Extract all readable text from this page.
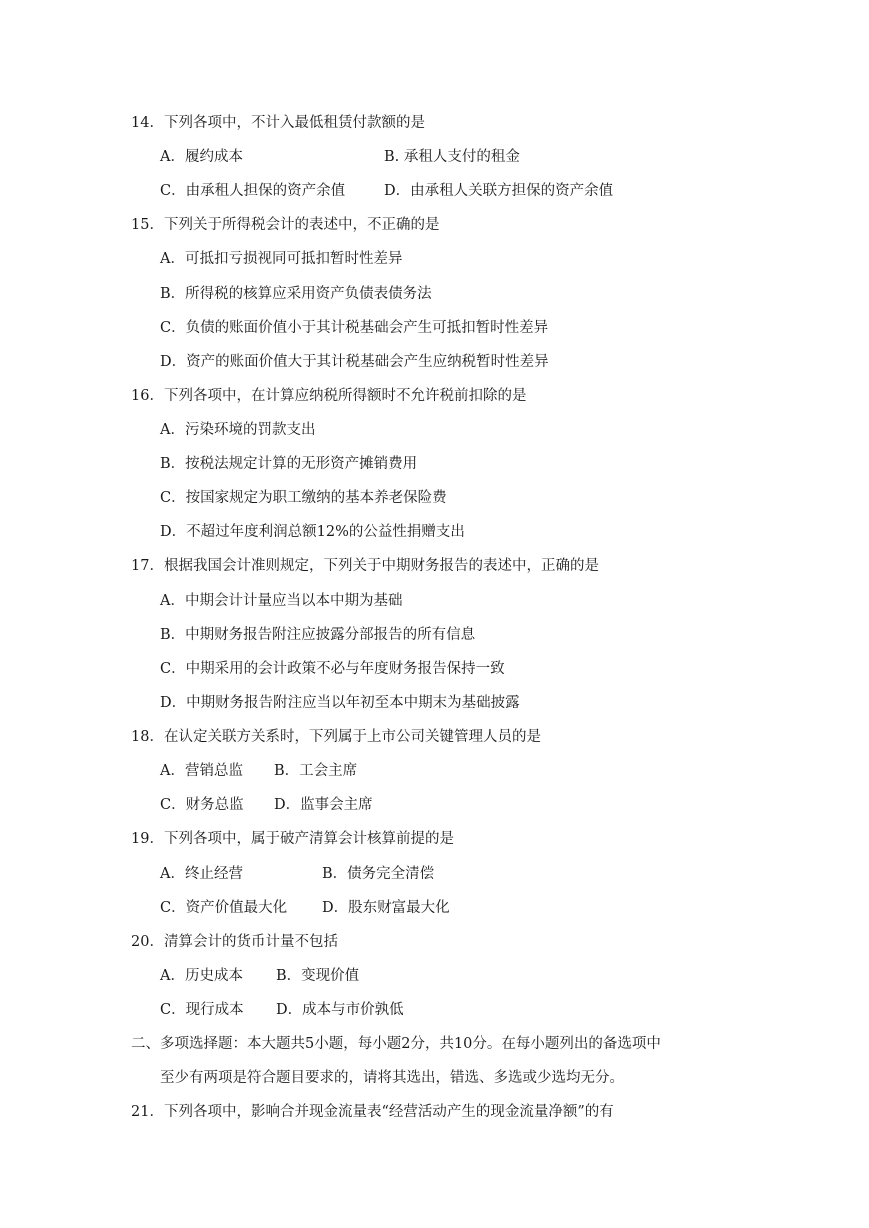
14．下列各项中，不计入最低租赁付款额的是
A．履约成本	B. 承租人支付的租金
C．由承租人担保的资产余值	D．由承租人关联方担保的资产余值
15．下列关于所得税会计的表述中，不正确的是
A．可抵扣亏损视同可抵扣暂时性差异
B．所得税的核算应采用资产负债表债务法
C．负债的账面价值小于其计税基础会产生可抵扣暂时性差异
D．资产的账面价值大于其计税基础会产生应纳税暂时性差异
16．下列各项中，在计算应纳税所得额时不允许税前扣除的是
A．污染环境的罚款支出
B．按税法规定计算的无形资产摊销费用
C．按国家规定为职工缴纳的基本养老保险费
D．不超过年度利润总额12%的公益性捐赠支出
17．根据我国会计准则规定，下列关于中期财务报告的表述中，正确的是
A．中期会计计量应当以本中期为基础
B．中期财务报告附注应披露分部报告的所有信息
C．中期采用的会计政策不必与年度财务报告保持一致
D．中期财务报告附注应当以年初至本中期末为基础披露
18．在认定关联方关系时，下列属于上市公司关键管理人员的是
A．营销总监 B．工会主席
C．财务总监 D．监事会主席
19．下列各项中，属于破产清算会计核算前提的是
A．终止经营	B．债务完全清偿
C．资产价值最大化 D．股东财富最大化
20．清算会计的货币计量不包括
A．历史成本 B．变现价值
C．现行成本 D．成本与市价孰低
二、多项选择题：本大题共5小题，每小题2分，共10分。在每小题列出的备选项中
至少有两项是符合题目要求的，请将其选出，错选、多选或少选均无分。
21．下列各项中，影响合并现金流量表“经营活动产生的现金流量净额”的有
